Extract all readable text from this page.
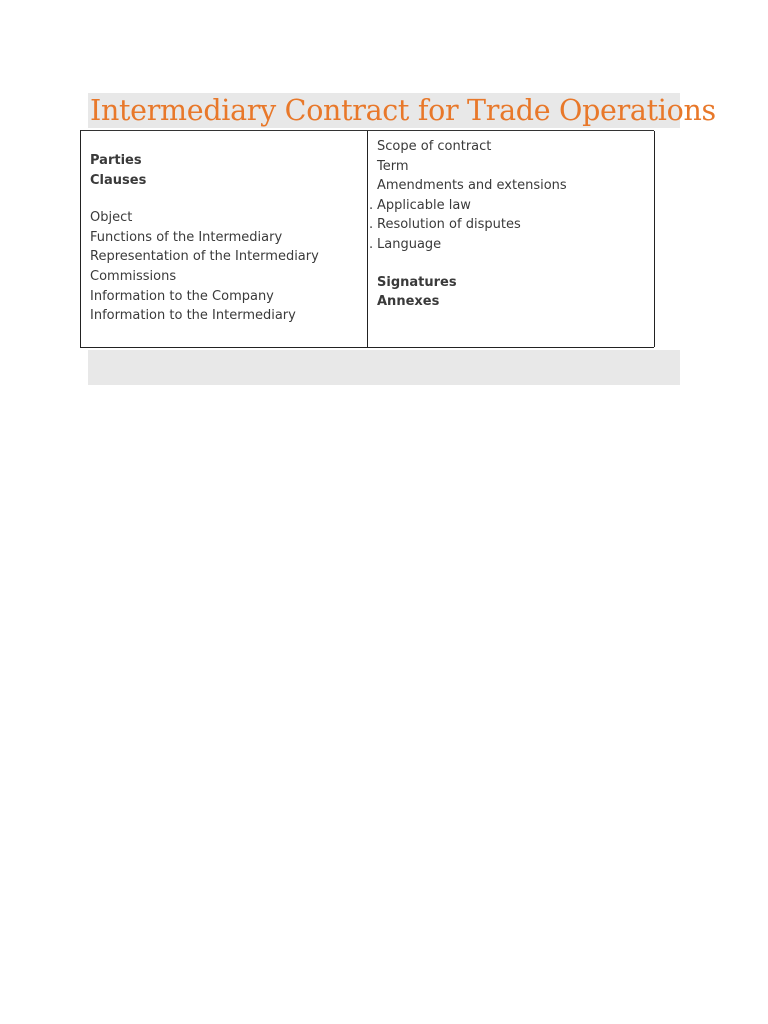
Intermediary Contract for Trade Operations
Parties
Clauses
Object
Functions of the Intermediary
Representation of the Intermediary
Commissions
Information to the Company
Information to the Intermediary
Scope of contract
Term
Amendments and extensions
. Applicable law
. Resolution of disputes
. Language
Signatures
Annexes
